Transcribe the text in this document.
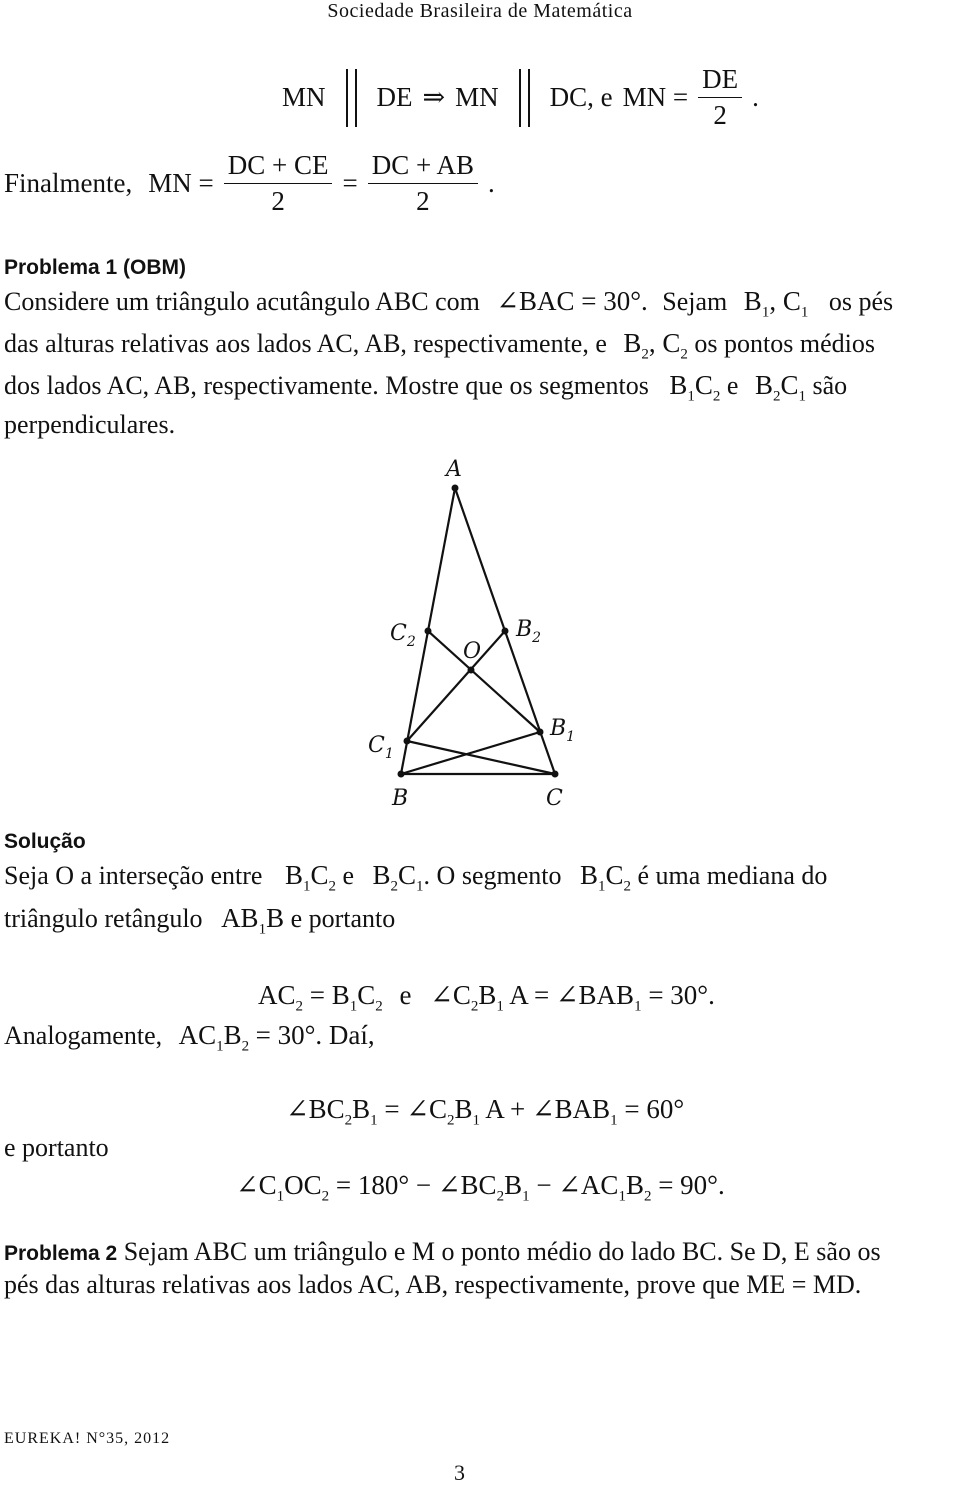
Sociedade Brasileira de Matemática
MN DE ⇒ MN DC, e MN = $\frac{DE}{2}$ .
Finalmente, MN = $\frac{DC + CE}{2} = \frac{DC + AB}{2}$ .
Problema 1 (OBM)
Considere um triângulo acutângulo ABC com ∠BAC = 30°. Sejam $B_1$, $C_1$ os pés
das alturas relativas aos lados AC, AB, respectivamente, e $B_2$, $C_2$ os pontos médios
dos lados AC, AB, respectivamente. Mostre que os segmentos $B_1C_2$ e $B_2C_1$ são
perpendiculares.
A
O
$C_2$	$B_2$
$B_1$
$C_1$
B	C
Solução
Seja O a interseção entre $B_1C_2$ e $B_2C_1$. O segmento $B_1C_2$ é uma mediana do
triângulo retângulo $AB_1B$ e portanto
$AC_2 = B_1C_2$ e $\angle C_2B_1$ $A = \angle BAB_1 = 30^\circ$.
Analogamente, $AC_1B_2 = 30^\circ$. Daí,
$\angle BC_2B_1$ = $\angle C_2B_1$ $A + \angle BAB_1 = 60^\circ$
e portanto
$\angle C_1OC_2 = 180^\circ$ − $\angle BC_2B_1$ − $\angle AC_1B_2 = 90^\circ$.
Problema 2 Sejam ABC um triângulo e M o ponto médio do lado BC. Se D, E são os
pés das alturas relativas aos lados AC, AB, respectivamente, prove que ME = MD.
EUREKA! N°35, 2012
3
